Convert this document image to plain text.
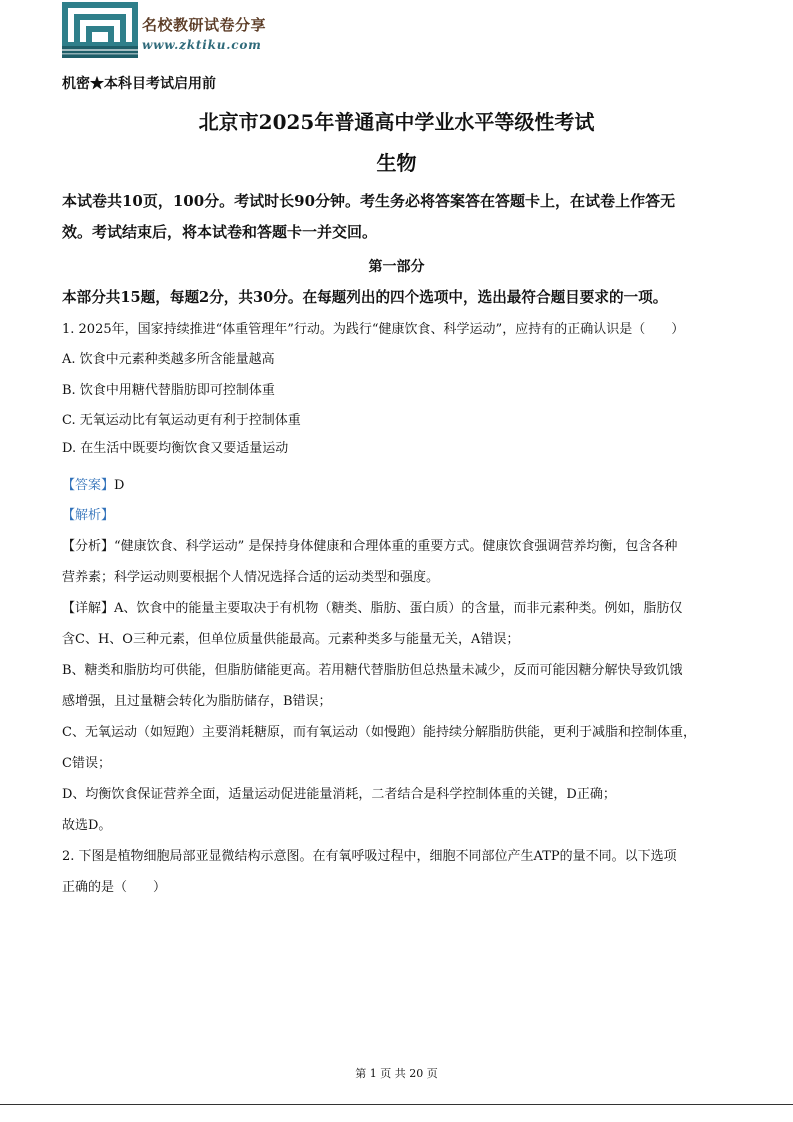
名校教研试卷分享
www.zktiku.com
机密★本科目考试启用前
北京市2025年普通高中学业水平等级性考试
生物
本试卷共10页，100分。考试时长90分钟。考生务必将答案答在答题卡上，在试卷上作答无
效。考试结束后，将本试卷和答题卡一并交回。
第一部分
本部分共15题，每题2分，共30分。在每题列出的四个选项中，选出最符合题目要求的一项。
1. 2025年，国家持续推进“体重管理年”行动。为践行“健康饮食、科学运动”，应持有的正确认识是（　　）
A. 饮食中元素种类越多所含能量越高
B. 饮食中用糖代替脂肪即可控制体重
C. 无氧运动比有氧运动更有利于控制体重
D. 在生活中既要均衡饮食又要适量运动
【答案】D
【解析】
【分析】“健康饮食、科学运动” 是保持身体健康和合理体重的重要方式。健康饮食强调营养均衡，包含各种
营养素；科学运动则要根据个人情况选择合适的运动类型和强度。
【详解】A、饮食中的能量主要取决于有机物（糖类、脂肪、蛋白质）的含量，而非元素种类。例如，脂肪仅
含C、H、O三种元素，但单位质量供能最高。元素种类多与能量无关，A错误；
B、糖类和脂肪均可供能，但脂肪储能更高。若用糖代替脂肪但总热量未减少，反而可能因糖分解快导致饥饿
感增强，且过量糖会转化为脂肪储存，B错误；
C、无氧运动（如短跑）主要消耗糖原，而有氧运动（如慢跑）能持续分解脂肪供能，更利于减脂和控制体重，
C错误；
D、均衡饮食保证营养全面，适量运动促进能量消耗，二者结合是科学控制体重的关键，D正确；
故选D。
2. 下图是植物细胞局部亚显微结构示意图。在有氧呼吸过程中，细胞不同部位产生ATP的量不同。以下选项
正确的是（　　）
第 1 页 共 20 页
